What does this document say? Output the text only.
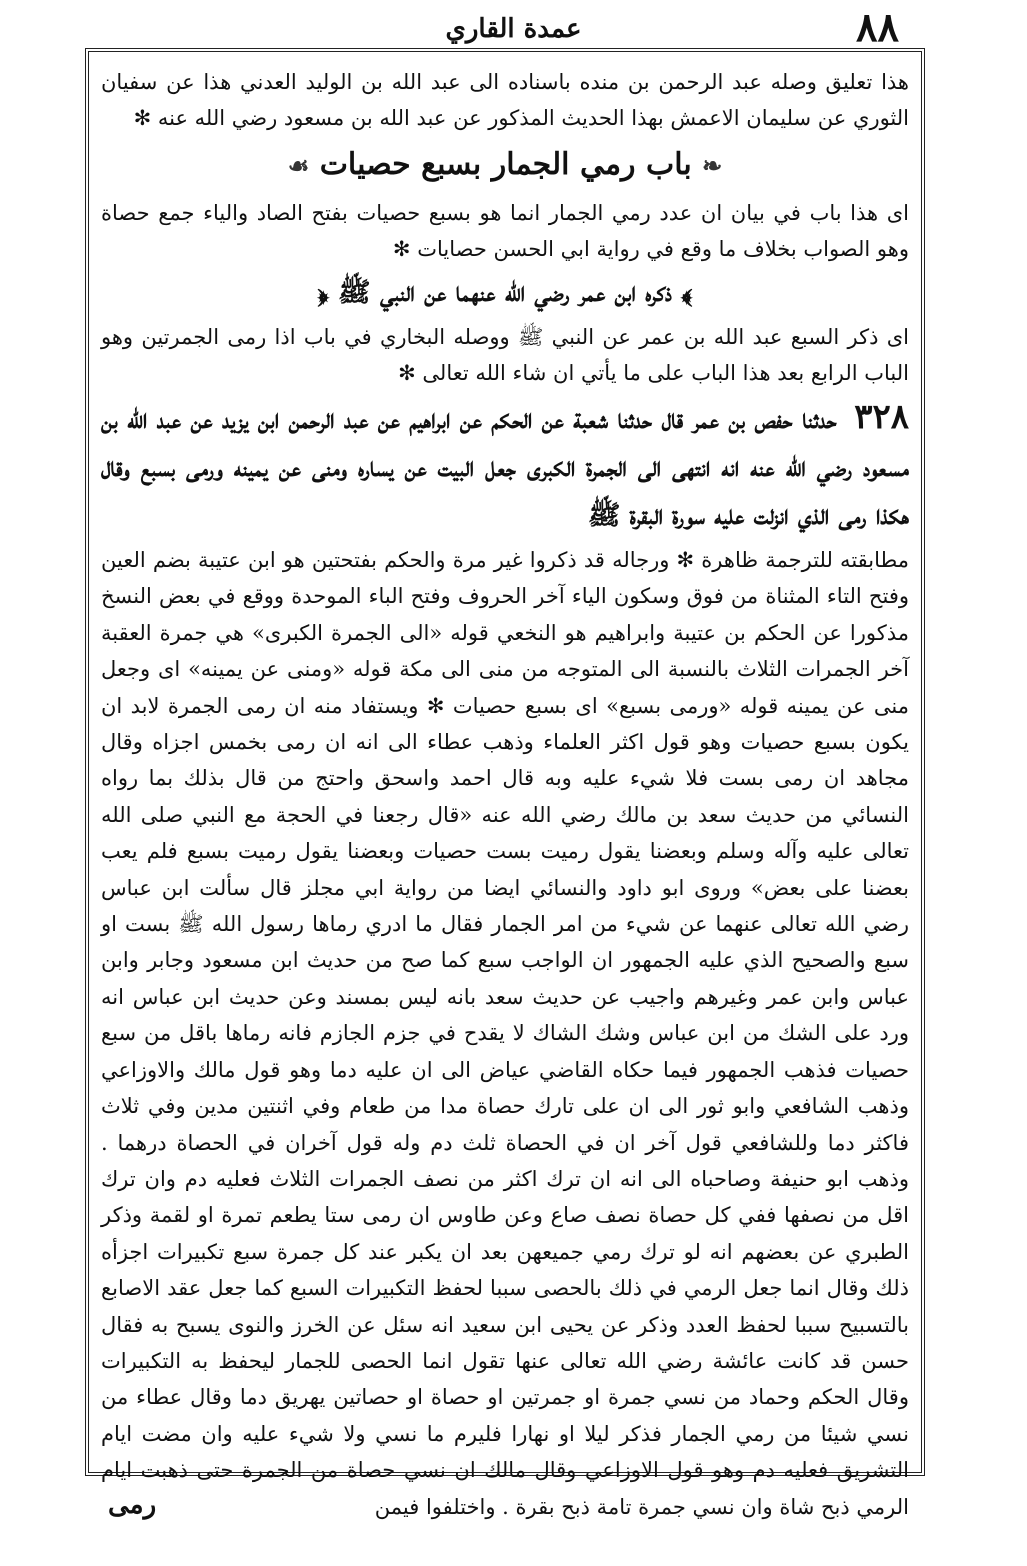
٨٨
عمدة القاري

هذا تعليق وصله عبد الرحمن بن منده باسناده الى عبد الله بن الوليد العدني هذا عن سفيان الثوري عن سليمان الاعمش بهذا الحديث المذكور عن عبد الله بن مسعود رضي الله عنه ✻

❧ باب رمي الجمار بسبع حصيات ☙

اى هذا باب في بيان ان عدد رمي الجمار انما هو بسبع حصيات بفتح الصاد والياء جمع حصاة وهو الصواب بخلاف ما وقع في رواية ابي الحسن حصايات ✻

﴾ ذكره ابن عمر رضي الله عنهما عن النبي ﷺ ﴿

اى ذكر السبع عبد الله بن عمر عن النبي ﷺ ووصله البخاري في باب اذا رمى الجمرتين وهو الباب الرابع بعد هذا الباب على ما يأتي ان شاء الله تعالى ✻

٣٢٨ حدثنا حفص بن عمر قال حدثنا شعبة عن الحكم عن ابراهيم عن عبد الرحمن ابن يزيد عن عبد الله بن مسعود رضي الله عنه انه انتهى الى الجمرة الكبرى جعل البيت عن يساره ومنى عن يمينه ورمى بسبع وقال هكذا رمى الذي انزلت عليه سورة البقرة ﷺ

مطابقته للترجمة ظاهرة ✻ ورجاله قد ذكروا غير مرة والحكم بفتحتين هو ابن عتيبة بضم العين وفتح التاء المثناة من فوق وسكون الياء آخر الحروف وفتح الباء الموحدة ووقع في بعض النسخ مذكورا عن الحكم بن عتيبة وابراهيم هو النخعي قوله «الى الجمرة الكبرى» هي جمرة العقبة آخر الجمرات الثلاث بالنسبة الى المتوجه من منى الى مكة قوله «ومنى عن يمينه» اى وجعل منى عن يمينه قوله «ورمى بسبع» اى بسبع حصيات ✻ ويستفاد منه ان رمى الجمرة لابد ان يكون بسبع حصيات وهو قول اكثر العلماء وذهب عطاء الى انه ان رمى بخمس اجزاه وقال مجاهد ان رمى بست فلا شيء عليه وبه قال احمد واسحق واحتج من قال بذلك بما رواه النسائي من حديث سعد بن مالك رضي الله عنه «قال رجعنا في الحجة مع النبي صلى الله تعالى عليه وآله وسلم وبعضنا يقول رميت بست حصيات وبعضنا يقول رميت بسبع فلم يعب بعضنا على بعض» وروى ابو داود والنسائي ايضا من رواية ابي مجلز قال سألت ابن عباس رضي الله تعالى عنهما عن شيء من امر الجمار فقال ما ادري رماها رسول الله ﷺ بست او سبع والصحيح الذي عليه الجمهور ان الواجب سبع كما صح من حديث ابن مسعود وجابر وابن عباس وابن عمر وغيرهم واجيب عن حديث سعد بانه ليس بمسند وعن حديث ابن عباس انه ورد على الشك من ابن عباس وشك الشاك لا يقدح في جزم الجازم فانه رماها باقل من سبع حصيات فذهب الجمهور فيما حكاه القاضي عياض الى ان عليه دما وهو قول مالك والاوزاعي وذهب الشافعي وابو ثور الى ان على تارك حصاة مدا من طعام وفي اثنتين مدين وفي ثلاث فاكثر دما وللشافعي قول آخر ان في الحصاة ثلث دم وله قول آخران في الحصاة درهما . وذهب ابو حنيفة وصاحباه الى انه ان ترك اكثر من نصف الجمرات الثلاث فعليه دم وان ترك اقل من نصفها ففي كل حصاة نصف صاع وعن طاوس ان رمى ستا يطعم تمرة او لقمة وذكر الطبري عن بعضهم انه لو ترك رمي جميعهن بعد ان يكبر عند كل جمرة سبع تكبيرات اجزأه ذلك وقال انما جعل الرمي في ذلك بالحصى سببا لحفظ التكبيرات السبع كما جعل عقد الاصابع بالتسبيح سببا لحفظ العدد وذكر عن يحيى ابن سعيد انه سئل عن الخرز والنوى يسبح به فقال حسن قد كانت عائشة رضي الله تعالى عنها تقول انما الحصى للجمار ليحفظ به التكبيرات وقال الحكم وحماد من نسي جمرة او جمرتين او حصاة او حصاتين يهريق دما وقال عطاء من نسي شيئا من رمي الجمار فذكر ليلا او نهارا فليرم ما نسي ولا شيء عليه وان مضت ايام التشريق فعليه دم وهو قول الاوزاعي وقال مالك ان نسي حصاة من الجمرة حتى ذهبت ايام الرمي ذبح شاة وان نسي جمرة تامة ذبح بقرة . واختلفوا فيمن

رمى
